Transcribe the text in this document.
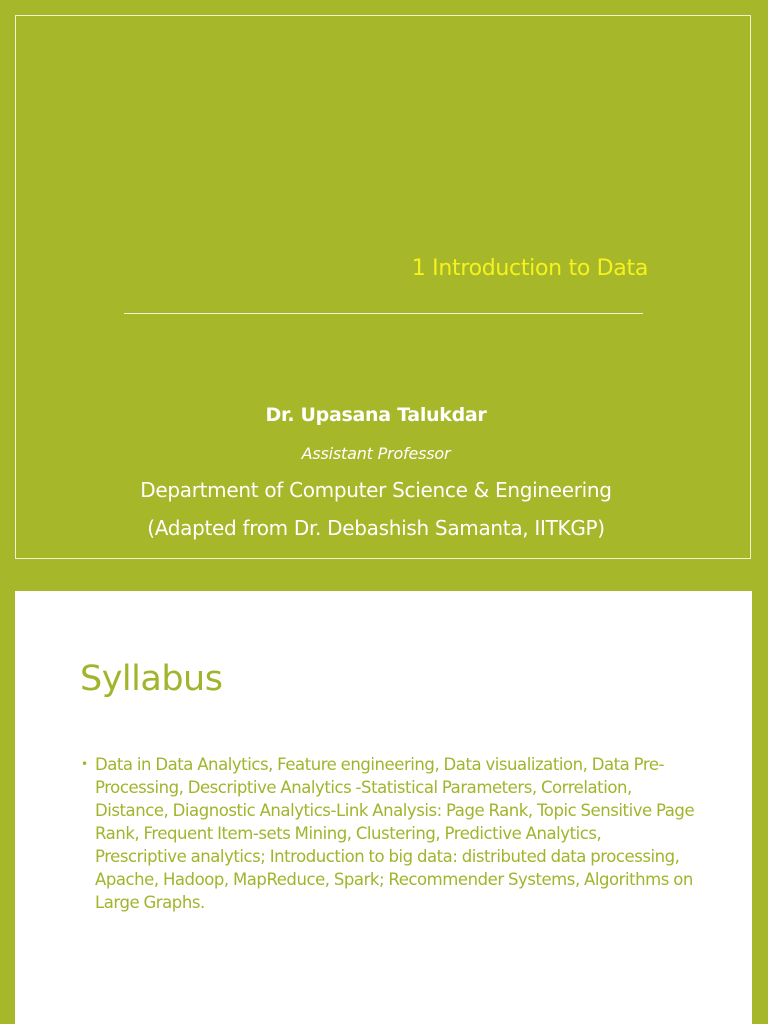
1 Introduction to Data
Dr. Upasana Talukdar
Assistant Professor
Department of Computer Science & Engineering
(Adapted from Dr. Debashish Samanta, IITKGP)
Syllabus
• Data in Data Analytics, Feature engineering, Data visualization, Data Pre-Processing, Descriptive Analytics -Statistical Parameters, Correlation, Distance, Diagnostic Analytics-Link Analysis: Page Rank, Topic Sensitive Page Rank, Frequent Item-sets Mining, Clustering, Predictive Analytics, Prescriptive analytics; Introduction to big data: distributed data processing, Apache, Hadoop, MapReduce, Spark; Recommender Systems, Algorithms on Large Graphs.
